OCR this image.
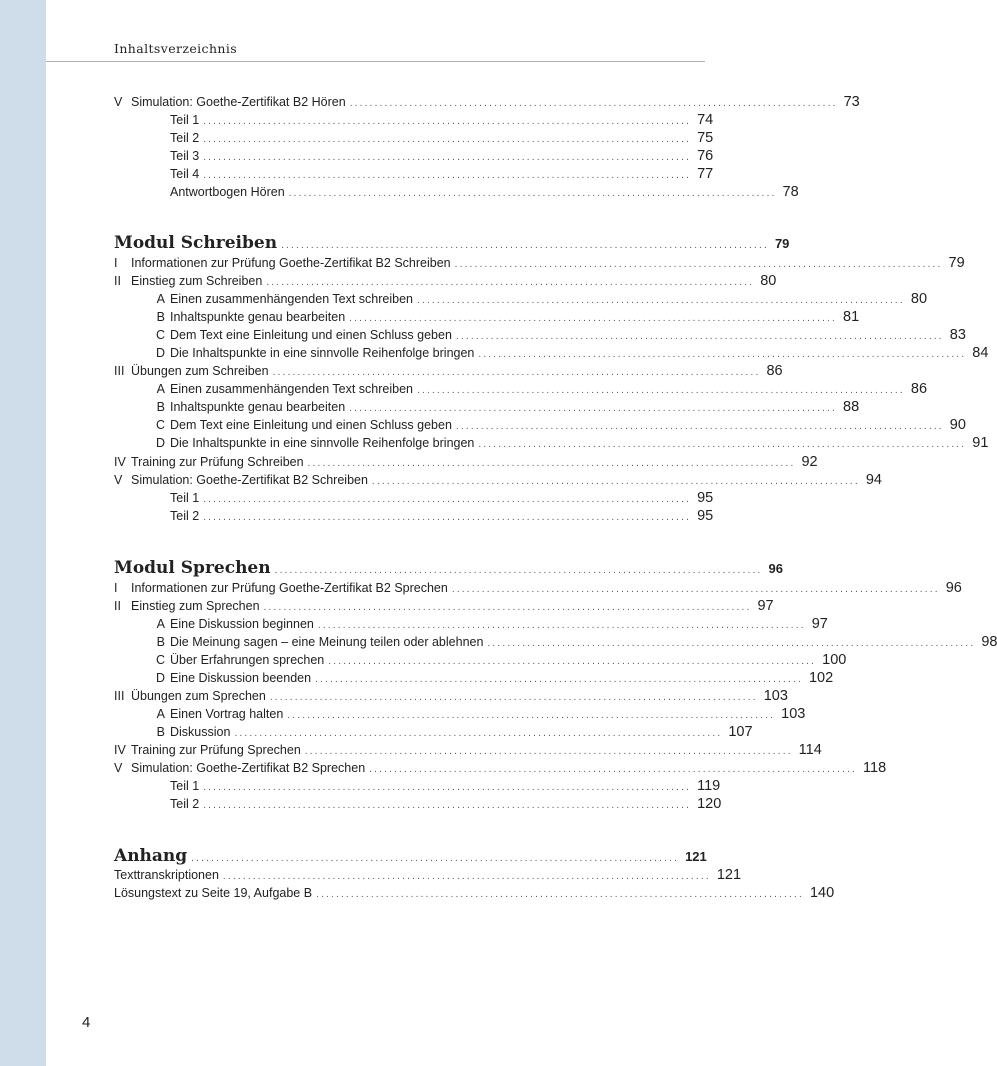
Inhaltsverzeichnis
V Simulation: Goethe-Zertifikat B2 Hören .................................................................................................. 73
Teil 1 .................................................................................................. 74
Teil 2 .................................................................................................. 75
Teil 3 .................................................................................................. 76
Teil 4 .................................................................................................. 77
Antwortbogen Hören .................................................................................................. 78
Modul Schreiben .................................................................................................. 79
I	Informationen zur Prüfung Goethe-Zertifikat B2 Schreiben .................................................................................................. 79
II Einstieg zum Schreiben .................................................................................................. 80
A Einen zusammenhängenden Text schreiben .................................................................................................. 80
B Inhaltspunkte genau bearbeiten .................................................................................................. 81
C Dem Text eine Einleitung und einen Schluss geben .................................................................................................. 83
D Die Inhaltspunkte in eine sinnvolle Reihenfolge bringen .................................................................................................. 84
III Übungen zum Schreiben .................................................................................................. 86
A Einen zusammenhängenden Text schreiben .................................................................................................. 86
B Inhaltspunkte genau bearbeiten .................................................................................................. 88
C Dem Text eine Einleitung und einen Schluss geben .................................................................................................. 90
D Die Inhaltspunkte in eine sinnvolle Reihenfolge bringen .................................................................................................. 91
IV Training zur Prüfung Schreiben .................................................................................................. 92
V Simulation: Goethe-Zertifikat B2 Schreiben .................................................................................................. 94
Teil 1 .................................................................................................. 95
Teil 2 .................................................................................................. 95
Modul Sprechen .................................................................................................. 96
I	Informationen zur Prüfung Goethe-Zertifikat B2 Sprechen .................................................................................................. 96
II Einstieg zum Sprechen .................................................................................................. 97
A Eine Diskussion beginnen .................................................................................................. 97
B Die Meinung sagen – eine Meinung teilen oder ablehnen .................................................................................................. 98
C Über Erfahrungen sprechen .................................................................................................. 100
D Eine Diskussion beenden .................................................................................................. 102
III Übungen zum Sprechen .................................................................................................. 103
A Einen Vortrag halten .................................................................................................. 103
B Diskussion .................................................................................................. 107
IV Training zur Prüfung Sprechen .................................................................................................. 114
V Simulation: Goethe-Zertifikat B2 Sprechen .................................................................................................. 118
Teil 1 .................................................................................................. 119
Teil 2 .................................................................................................. 120
Anhang .................................................................................................. 121
Texttranskriptionen .................................................................................................. 121
Lösungstext zu Seite 19, Aufgabe B .................................................................................................. 140
4
